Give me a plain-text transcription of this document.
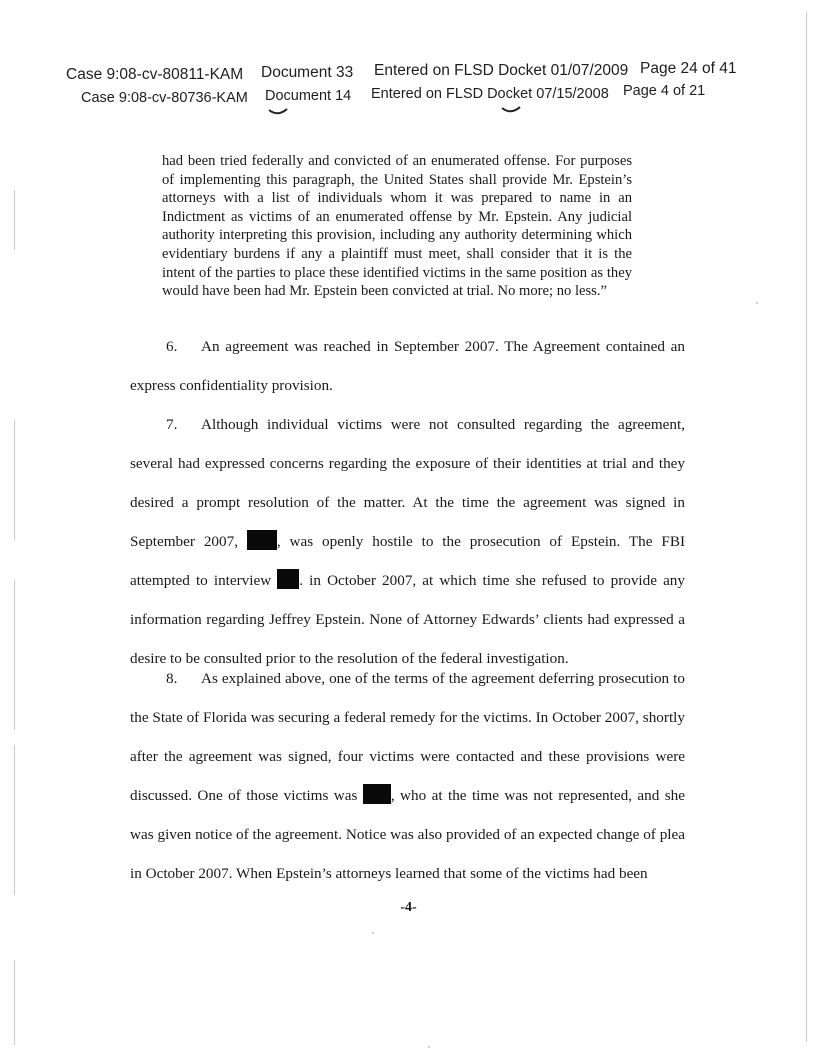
Case 9:08-cv-80811-KAM Document 33 Entered on FLSD Docket 01/07/2009 Page 24 of 41
Case 9:08-cv-80736-KAM Document 14 Entered on FLSD Docket 07/15/2008 Page 4 of 21

had been tried federally and convicted of an enumerated offense. For purposes of implementing this paragraph, the United States shall provide Mr. Epstein’s attorneys with a list of individuals whom it was prepared to name in an Indictment as victims of an enumerated offense by Mr. Epstein. Any judicial authority interpreting this provision, including any authority determining which evidentiary burdens if any a plaintiff must meet, shall consider that it is the intent of the parties to place these identified victims in the same position as they would have been had Mr. Epstein been convicted at trial. No more; no less.”

6. An agreement was reached in September 2007. The Agreement contained an express confidentiality provision.

7. Although individual victims were not consulted regarding the agreement, several had expressed concerns regarding the exposure of their identities at trial and they desired a prompt resolution of the matter. At the time the agreement was signed in September 2007,	, was openly hostile to the prosecution of Epstein. The FBI attempted to interview . in October 2007, at which time she refused to provide any information regarding Jeffrey Epstein. None of Attorney Edwards’ clients had expressed a desire to be consulted prior to the resolution of the federal investigation.

8. As explained above, one of the terms of the agreement deferring prosecution to the State of Florida was securing a federal remedy for the victims. In October 2007, shortly after the agreement was signed, four victims were contacted and these provisions were discussed. One of those victims was , who at the time was not represented, and she was given notice of the agreement. Notice was also provided of an expected change of plea in October 2007. When Epstein’s attorneys learned that some of the victims had been

-4-
